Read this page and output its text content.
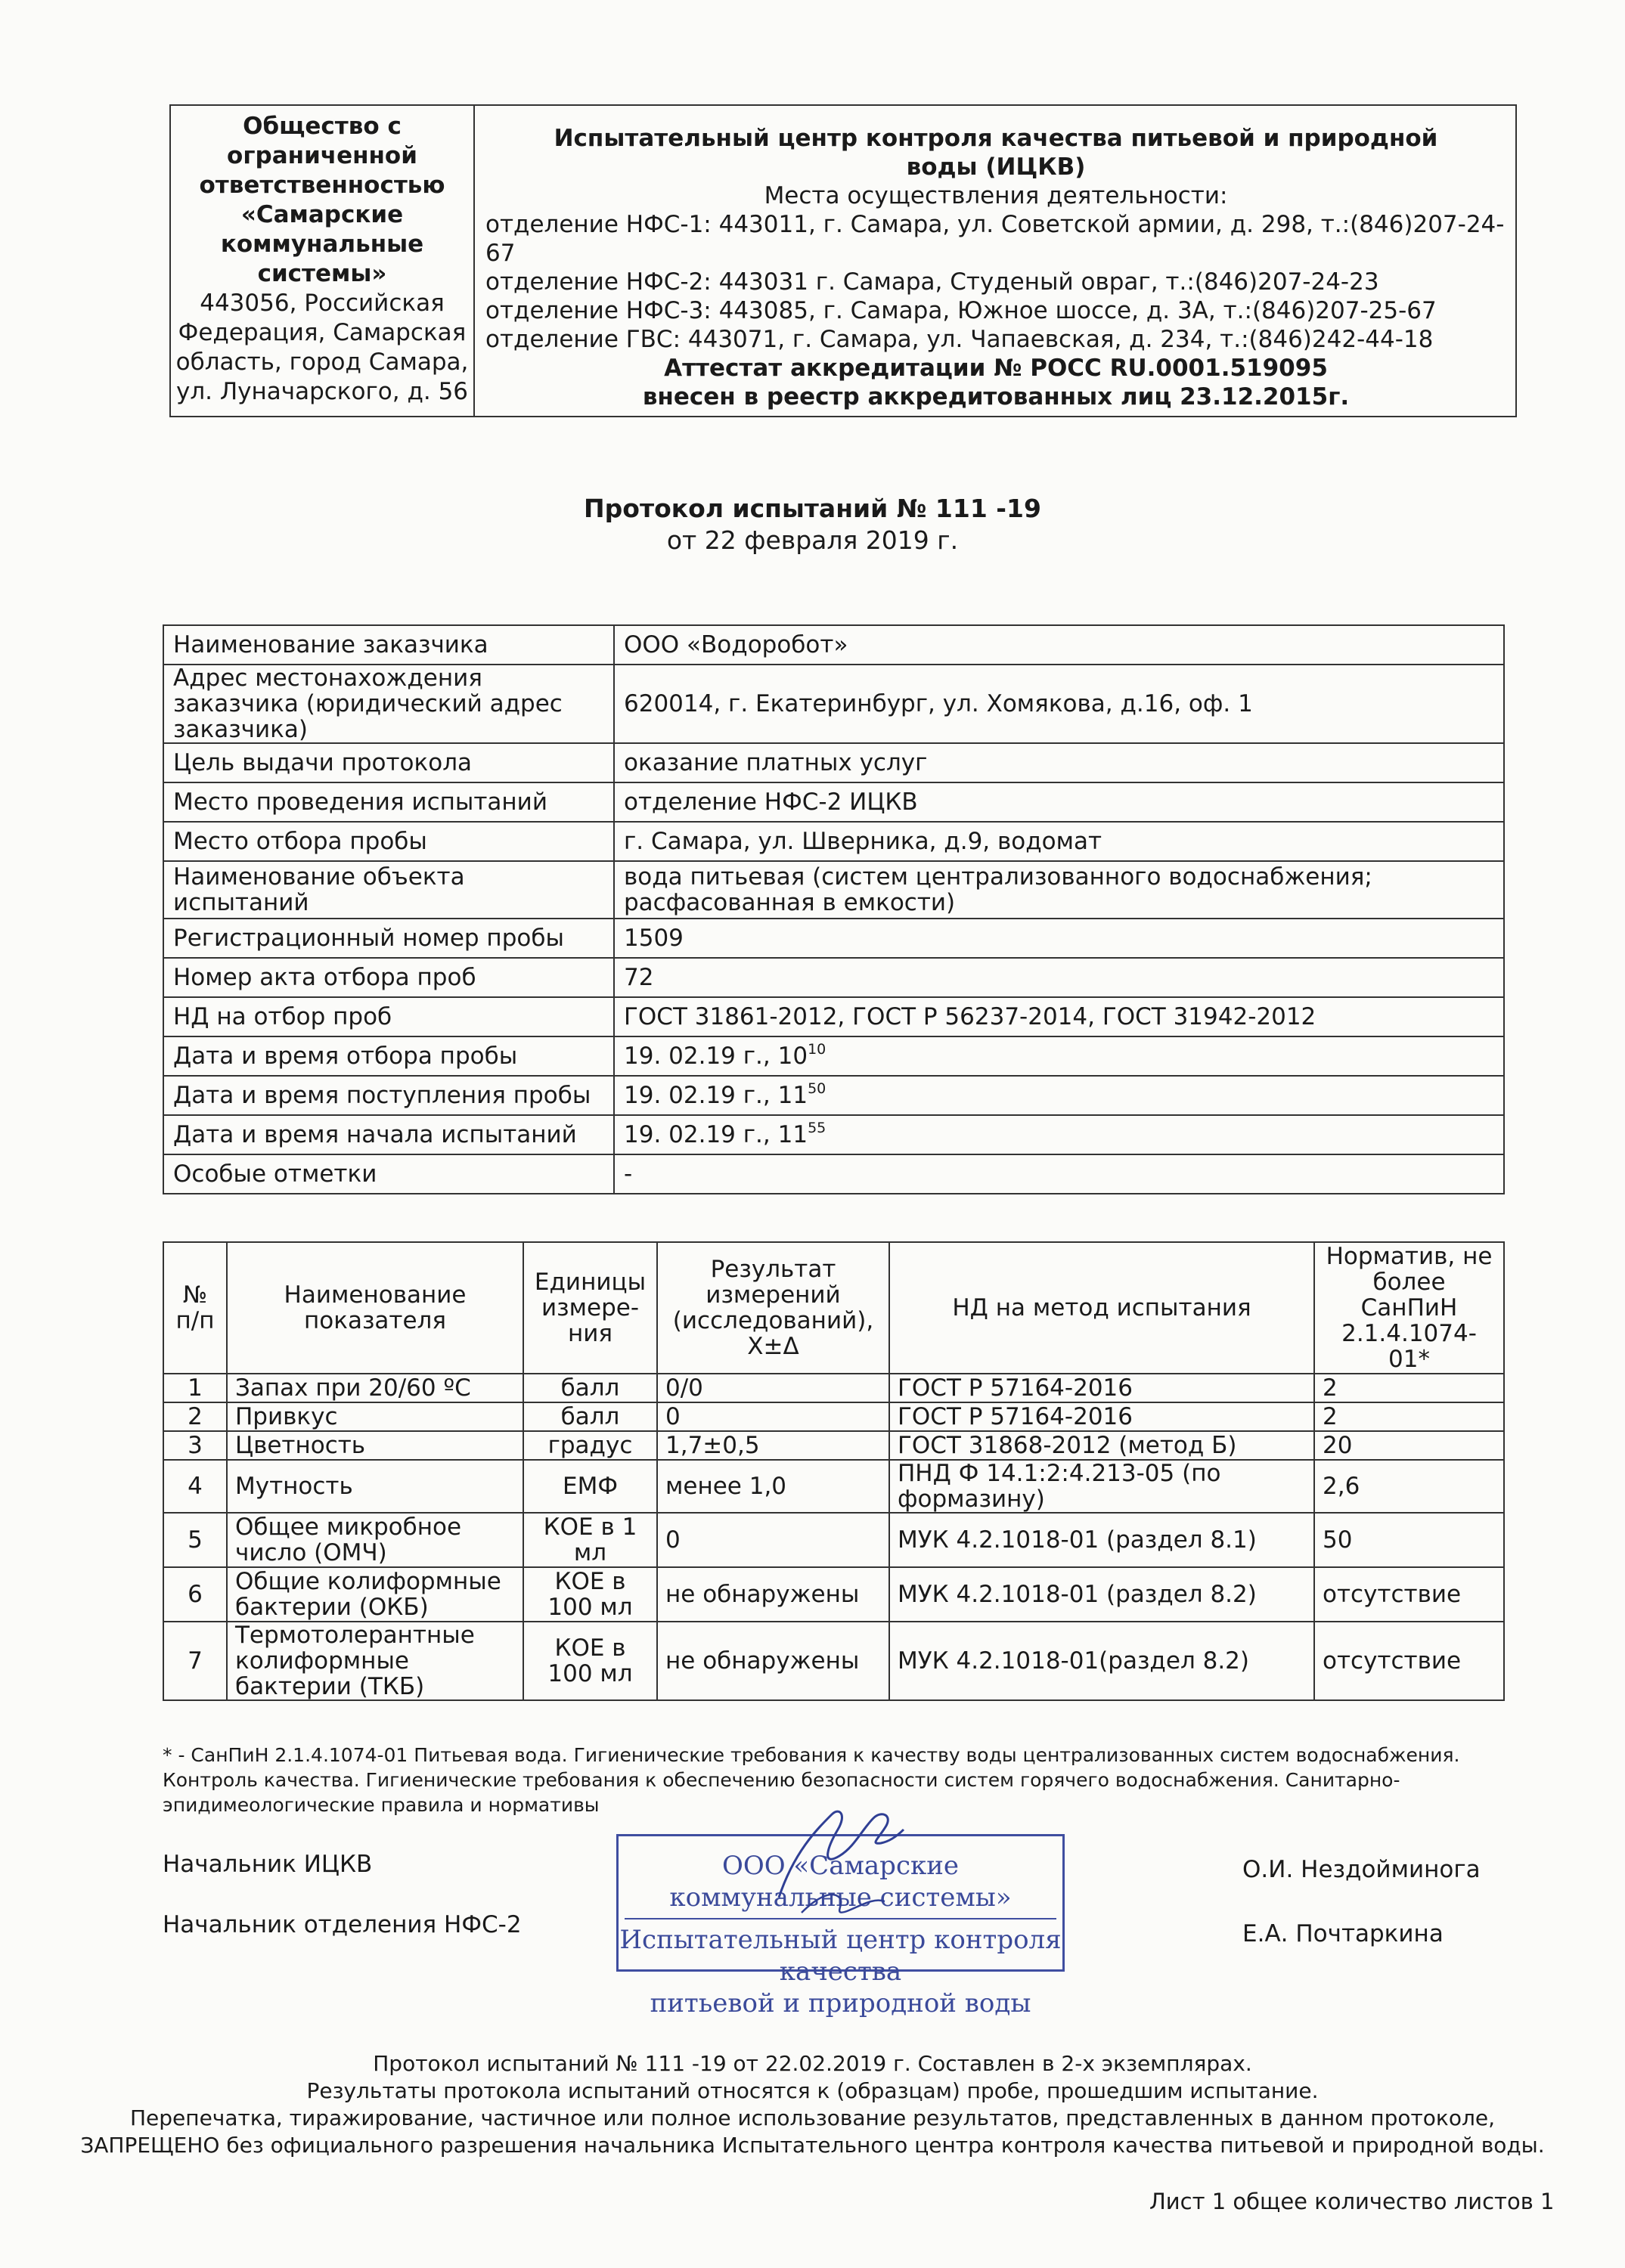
Общество с
ограниченной
ответственностью
«Самарские
коммунальные
системы»
443056, Российская
Федерация, Самарская
область, город Самара,
ул. Луначарского, д. 56
Испытательный центр контроля качества питьевой и природной
воды (ИЦКВ)
Места осуществления деятельности:
отделение НФС-1: 443011, г. Самара, ул. Советской армии, д. 298, т.:(846)207-24-67
отделение НФС-2: 443031 г. Самара, Студеный овраг, т.:(846)207-24-23
отделение НФС-3: 443085, г. Самара, Южное шоссе, д. 3А, т.:(846)207-25-67
отделение ГВС: 443071, г. Самара, ул. Чапаевская, д. 234, т.:(846)242-44-18
Аттестат аккредитации № РОСС RU.0001.519095
внесен в реестр аккредитованных лиц 23.12.2015г.
Протокол испытаний № 111 -19
от 22 февраля 2019 г.
Наименование заказчика	ООО «Водоробот»
Адрес местонахождения заказчика (юридический адрес заказчика)	620014, г. Екатеринбург, ул. Хомякова, д.16, оф. 1
Цель выдачи протокола	оказание платных услуг
Место проведения испытаний	отделение НФС-2 ИЦКВ
Место отбора пробы	г. Самара, ул. Шверника, д.9, водомат
Наименование объекта испытаний	вода питьевая (систем централизованного водоснабжения; расфасованная в емкости)
Регистрационный номер пробы	1509
Номер акта отбора проб	72
НД на отбор проб	ГОСТ 31861-2012, ГОСТ Р 56237-2014, ГОСТ 31942-2012
Дата и время отбора пробы	19. 02.19 г., $10^{10}$
Дата и время поступления пробы	19. 02.19 г., $11^{50}$
Дата и время начала испытаний	19. 02.19 г., $11^{55}$
Особые отметки	-
№ п/п	Наименование показателя	Единицы измере-ния	Результат измерений (исследований), Х±Δ	НД на метод испытания	Норматив, не более СанПиН 2.1.4.1074-01*
1	Запах при 20/60 ºС	балл	0/0	ГОСТ Р 57164-2016	2
2	Привкус	балл	0	ГОСТ Р 57164-2016	2
3	Цветность	градус	1,7±0,5	ГОСТ 31868-2012 (метод Б)	20
4	Мутность	ЕМФ	менее 1,0	ПНД Ф 14.1:2:4.213-05 (по формазину)	2,6
5	Общее микробное число (ОМЧ)	КОЕ в 1 мл	0	МУК 4.2.1018-01 (раздел 8.1)	50
6	Общие колиформные бактерии (ОКБ)	КОЕ в 100 мл	не обнаружены	МУК 4.2.1018-01 (раздел 8.2)	отсутствие
7	Термотолерантные колиформные бактерии (ТКБ)	КОЕ в 100 мл	не обнаружены	МУК 4.2.1018-01(раздел 8.2)	отсутствие
* - СанПиН 2.1.4.1074-01 Питьевая вода. Гигиенические требования к качеству воды централизованных систем водоснабжения. Контроль качества. Гигиенические требования к обеспечению безопасности систем горячего водоснабжения. Санитарно-эпидимеологические правила и нормативы
Начальник ИЦКВ	О.И. Нездойминога
Начальник отделения НФС-2	Е.А. Почтаркина
ООО «Самарские коммунальные системы»
Испытательный центр контроля качества
питьевой и природной воды
Протокол испытаний № 111 -19 от 22.02.2019 г. Составлен в 2-х экземплярах.
Результаты протокола испытаний относятся к (образцам) пробе, прошедшим испытание.
Перепечатка, тиражирование, частичное или полное использование результатов, представленных в данном протоколе,
ЗАПРЕЩЕНО без официального разрешения начальника Испытательного центра контроля качества питьевой и природной воды.
Лист 1 общее количество листов 1
